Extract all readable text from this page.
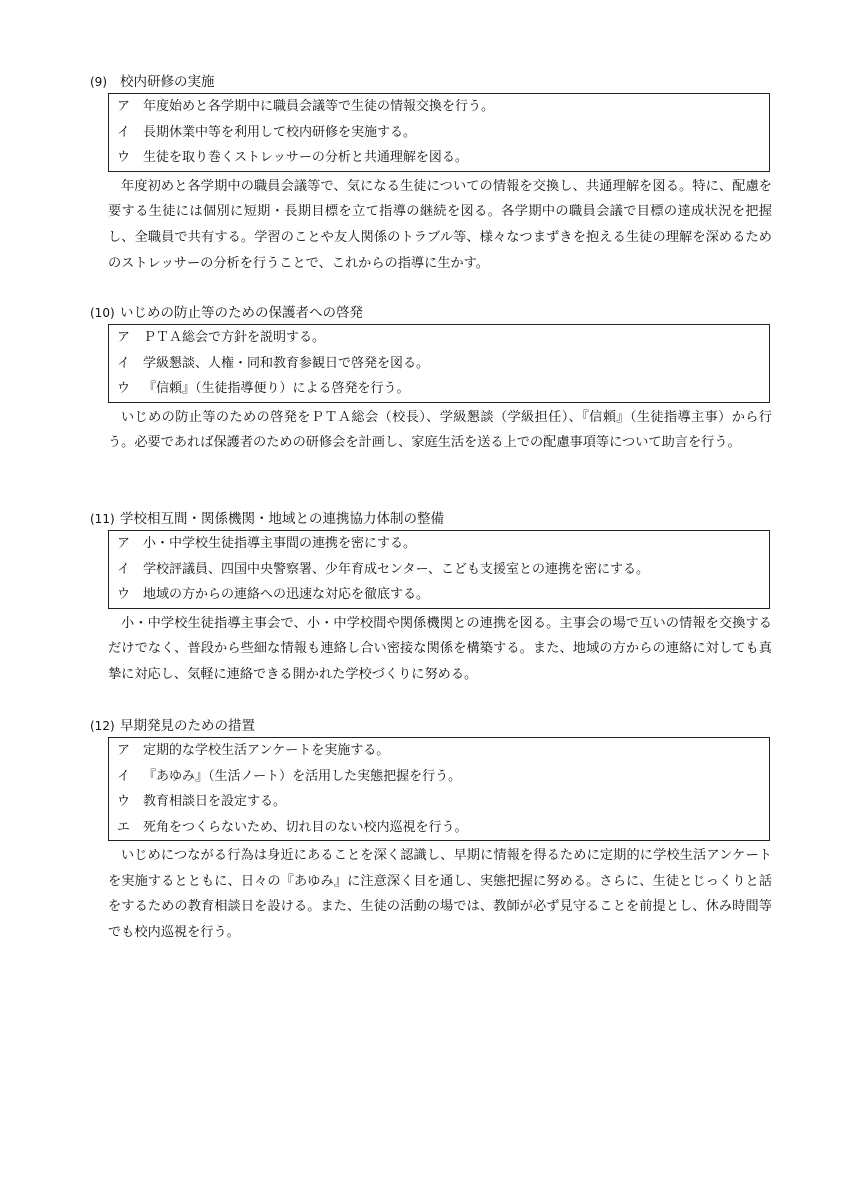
(9) 校内研修の実施
ア 年度始めと各学期中に職員会議等で生徒の情報交換を行う。
イ 長期休業中等を利用して校内研修を実施する。
ウ 生徒を取り巻くストレッサーの分析と共通理解を図る。
年度初めと各学期中の職員会議等で、気になる生徒についての情報を交換し、共通理解を図る。特に、配慮を要する生徒には個別に短期・長期目標を立て指導の継続を図る。各学期中の職員会議で目標の達成状況を把握し、全職員で共有する。学習のことや友人関係のトラブル等、様々なつまずきを抱える生徒の理解を深めるためのストレッサーの分析を行うことで、これからの指導に生かす。
(10) いじめの防止等のための保護者への啓発
ア ＰＴＡ総会で方針を説明する。
イ 学級懇談、人権・同和教育参観日で啓発を図る。
ウ 『信頼』（生徒指導便り）による啓発を行う。
いじめの防止等のための啓発をＰＴＡ総会（校長）、学級懇談（学級担任）、『信頼』（生徒指導主事）から行う。必要であれば保護者のための研修会を計画し、家庭生活を送る上での配慮事項等について助言を行う。
(11) 学校相互間・関係機関・地域との連携協力体制の整備
ア 小・中学校生徒指導主事間の連携を密にする。
イ 学校評議員、四国中央警察署、少年育成センター、こども支援室との連携を密にする。
ウ 地域の方からの連絡への迅速な対応を徹底する。
小・中学校生徒指導主事会で、小・中学校間や関係機関との連携を図る。主事会の場で互いの情報を交換するだけでなく、普段から些細な情報も連絡し合い密接な関係を構築する。また、地域の方からの連絡に対しても真摯に対応し、気軽に連絡できる開かれた学校づくりに努める。
(12) 早期発見のための措置
ア 定期的な学校生活アンケートを実施する。
イ 『あゆみ』（生活ノート）を活用した実態把握を行う。
ウ 教育相談日を設定する。
エ 死角をつくらないため、切れ目のない校内巡視を行う。
いじめにつながる行為は身近にあることを深く認識し、早期に情報を得るために定期的に学校生活アンケートを実施するとともに、日々の『あゆみ』に注意深く目を通し、実態把握に努める。さらに、生徒とじっくりと話をするための教育相談日を設ける。また、生徒の活動の場では、教師が必ず見守ることを前提とし、休み時間等でも校内巡視を行う。
